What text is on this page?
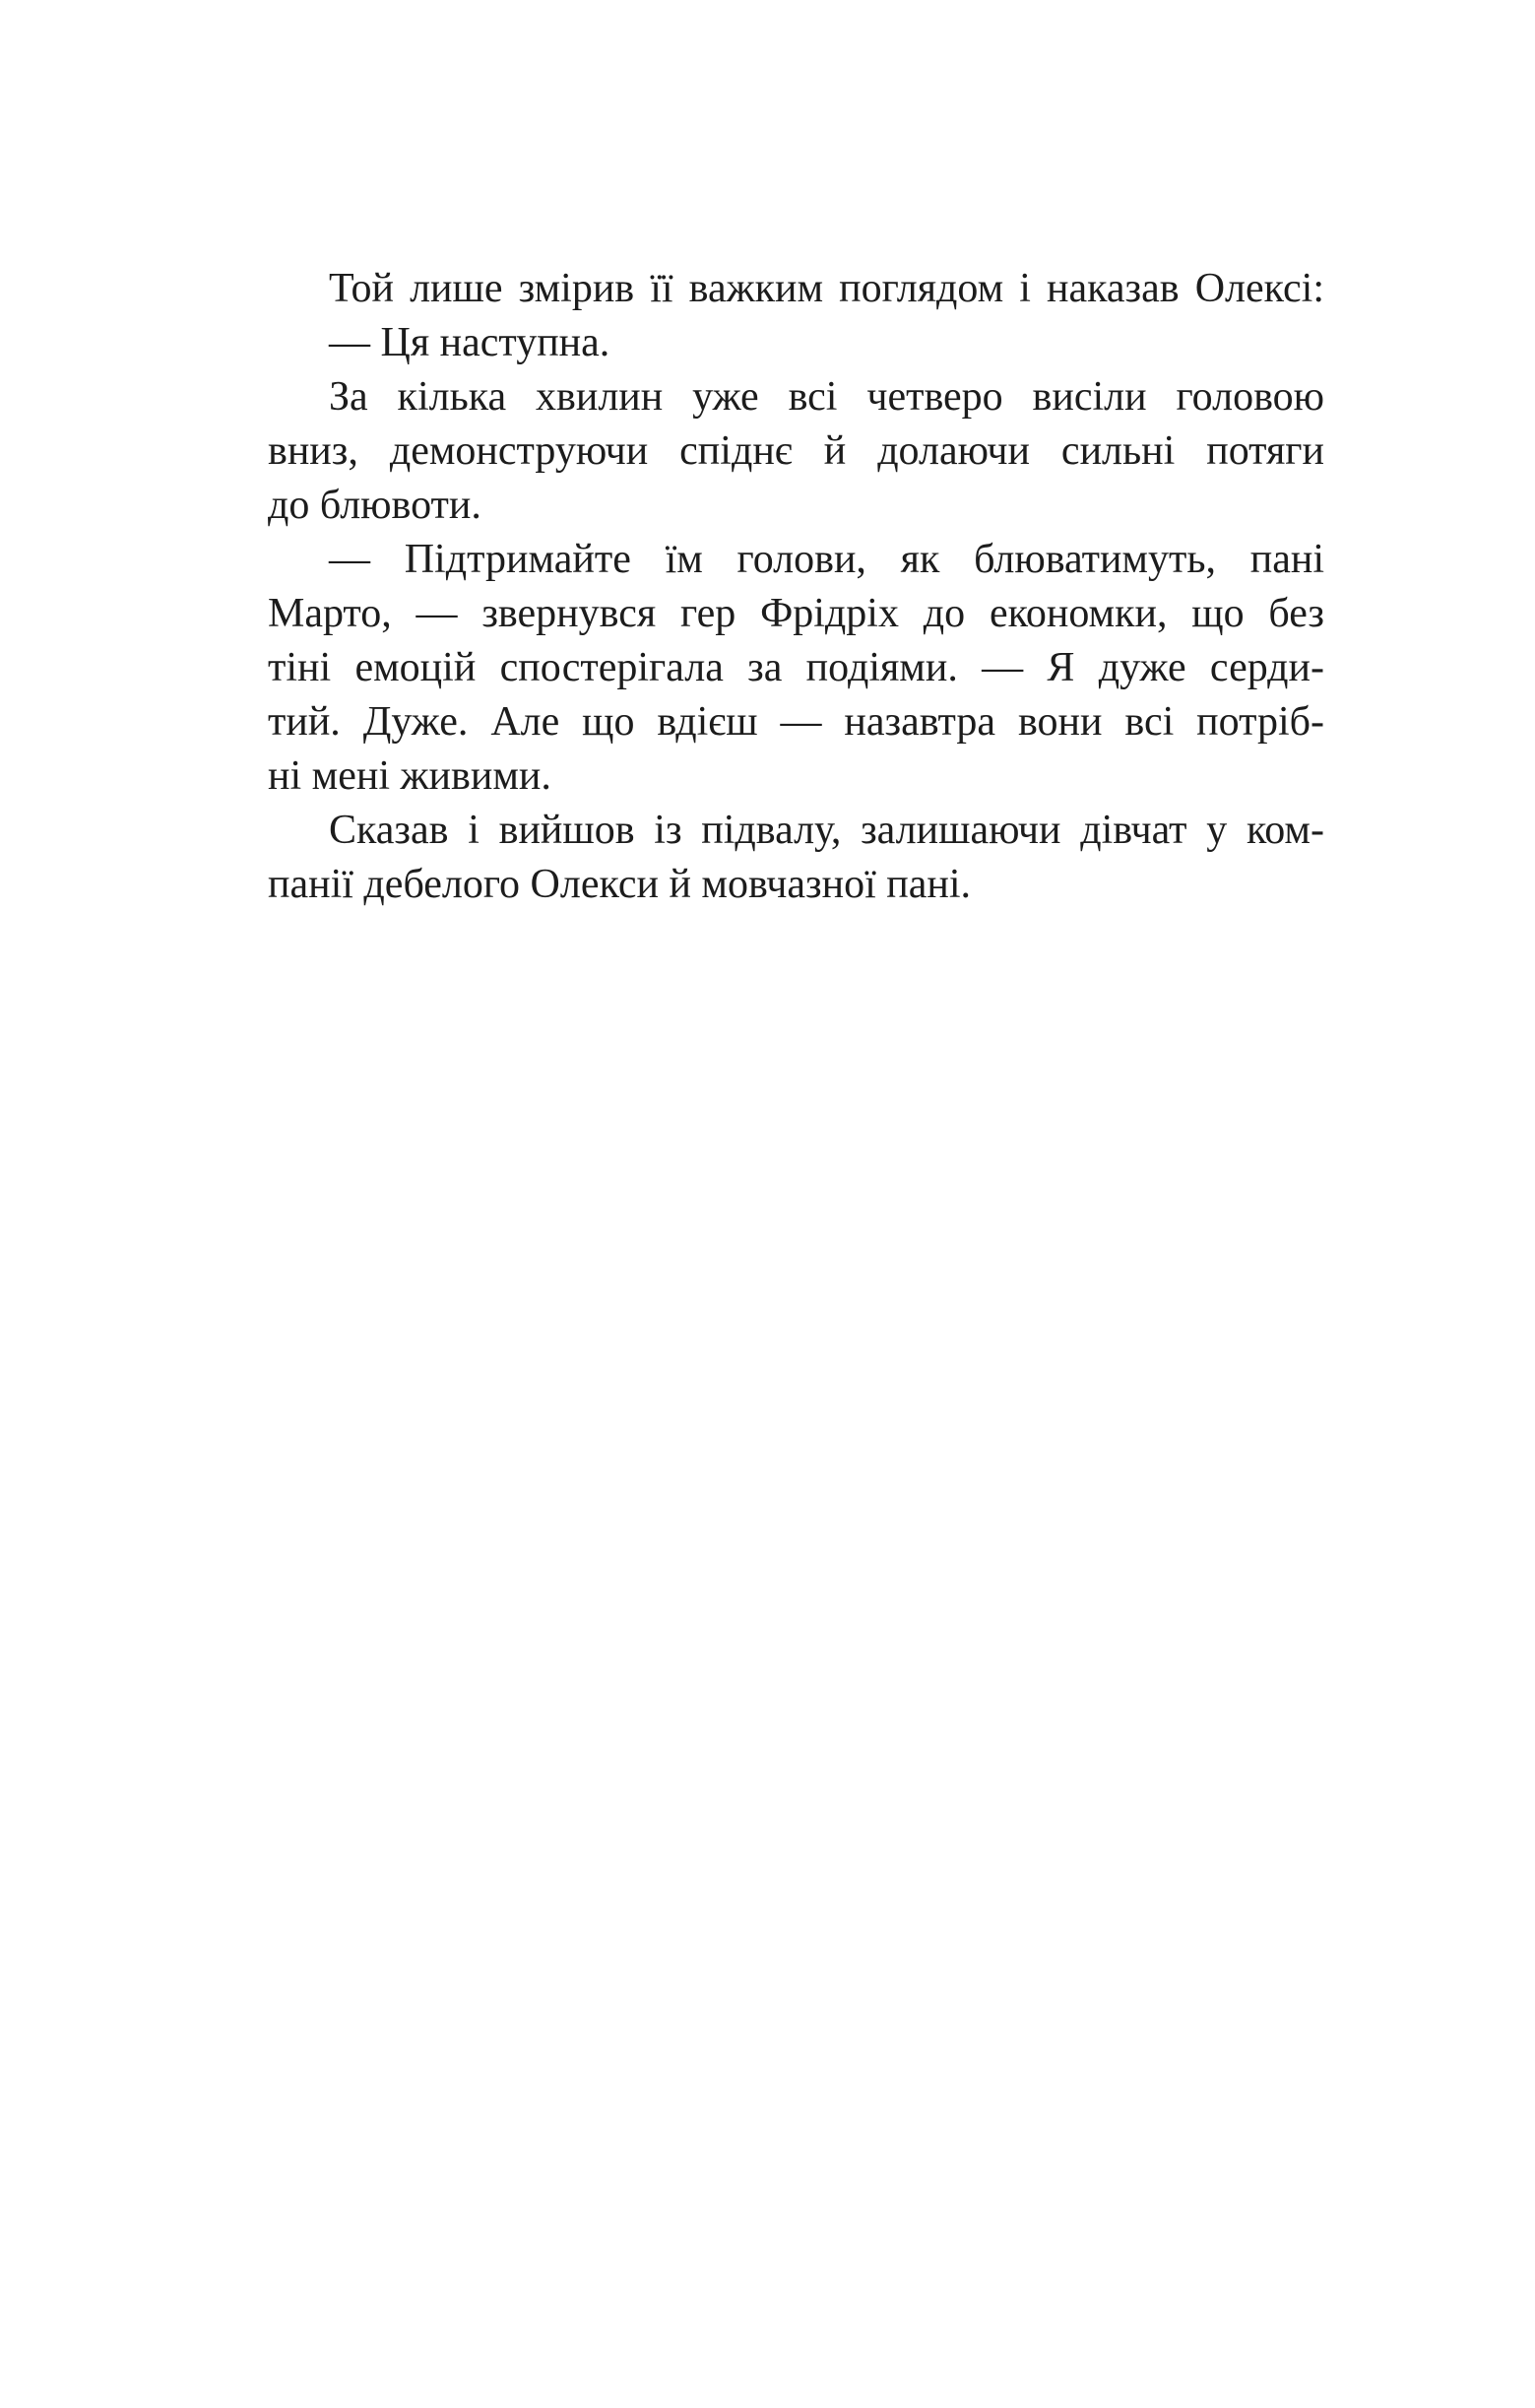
Той лише змірив її важким поглядом і наказав Олексі:
— Ця наступна.
За кілька хвилин уже всі четверо висіли головою
вниз, демонструючи спіднє й долаючи сильні потяги
до блювоти.
— Підтримайте їм голови, як блюватимуть, пані
Марто, — звернувся гер Фрідріх до економки, що без
тіні емоцій спостерігала за подіями. — Я дуже серди-
тий. Дуже. Але що вдієш — назавтра вони всі потріб-
ні мені живими.
Сказав і вийшов із підвалу, залишаючи дівчат у ком-
панії дебелого Олекси й мовчазної пані.
